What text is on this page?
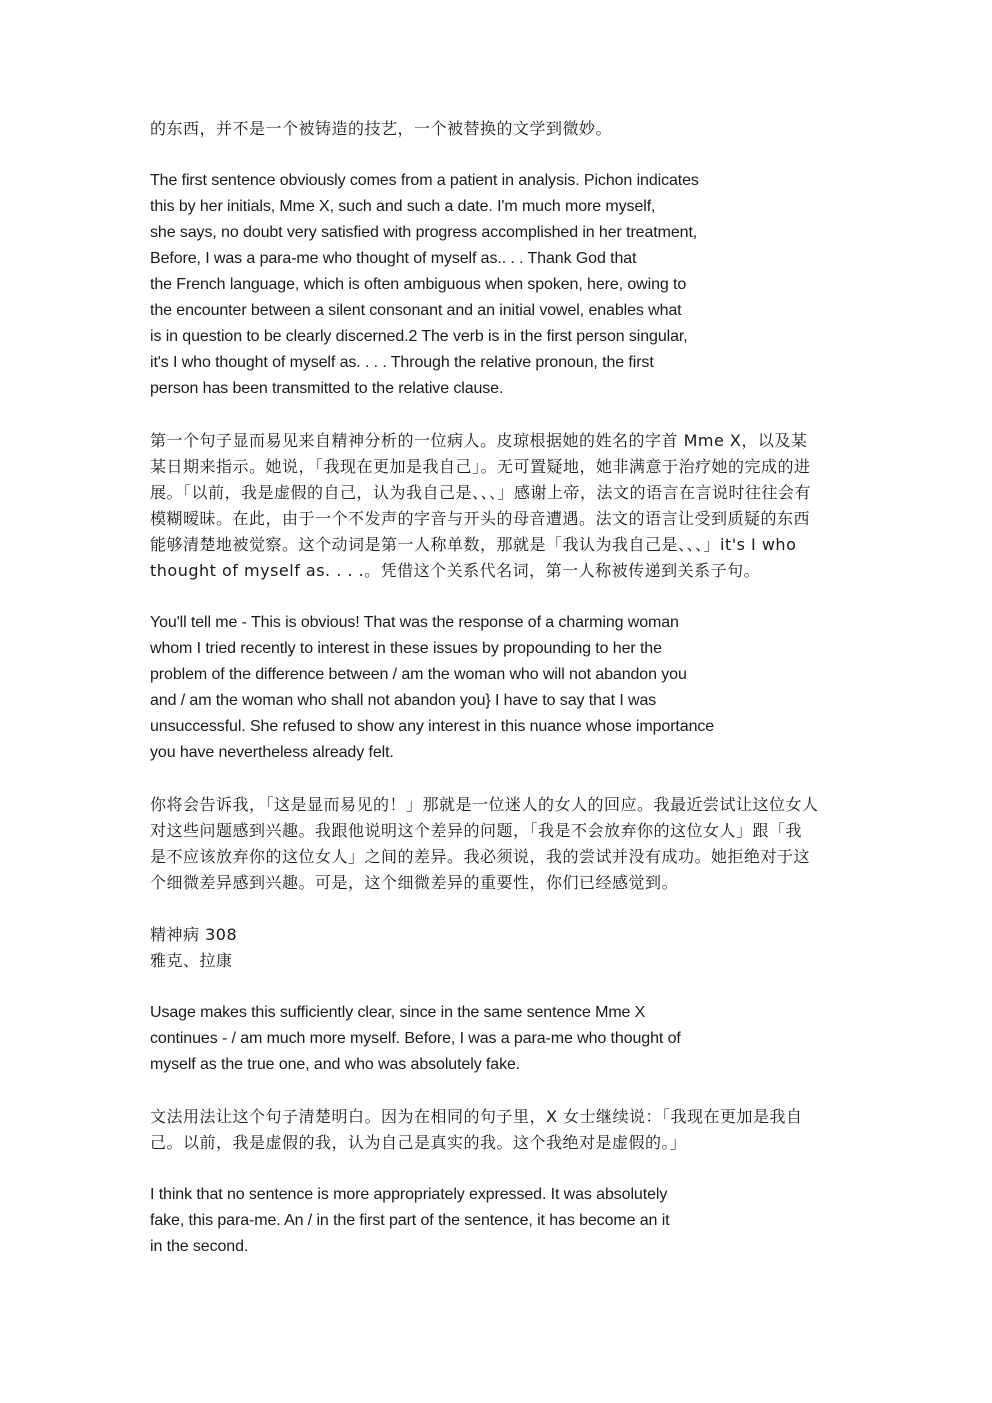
的东西，并不是一个被铸造的技艺，一个被替换的文学到微妙。
The first sentence obviously comes from a patient in analysis. Pichon indicates
this by her initials, Mme X, such and such a date. I'm much more myself,
she says, no doubt very satisfied with progress accomplished in her treatment,
Before, I was a para-me who thought of myself as.. . . Thank God that
the French language, which is often ambiguous when spoken, here, owing to
the encounter between a silent consonant and an initial vowel, enables what
is in question to be clearly discerned.2 The verb is in the first person singular,
it's I who thought of myself as. . . . Through the relative pronoun, the first
person has been transmitted to the relative clause.
第一个句子显而易见来自精神分析的一位病人。皮琼根据她的姓名的字首 Mme X，以及某
某日期来指示。她说，「我现在更加是我自己」。无可置疑地，她非满意于治疗她的完成的进
展。「以前，我是虚假的自己，认为我自己是、、、」感谢上帝，法文的语言在言说时往往会有
模糊暧昧。在此，由于一个不发声的字音与开头的母音遭遇。法文的语言让受到质疑的东西
能够清楚地被觉察。这个动词是第一人称单数，那就是「我认为我自己是、、、」it's I who
thought of myself as. . . .。凭借这个关系代名词，第一人称被传递到关系子句。
You'll tell me - This is obvious! That was the response of a charming woman
whom I tried recently to interest in these issues by propounding to her the
problem of the difference between / am the woman who will not abandon you
and / am the woman who shall not abandon you} I have to say that I was
unsuccessful. She refused to show any interest in this nuance whose importance
you have nevertheless already felt.
你将会告诉我，「这是显而易见的！」那就是一位迷人的女人的回应。我最近尝试让这位女人
对这些问题感到兴趣。我跟他说明这个差异的问题，「我是不会放弃你的这位女人」跟「我
是不应该放弃你的这位女人」之间的差异。我必须说，我的尝试并没有成功。她拒绝对于这
个细微差异感到兴趣。可是，这个细微差异的重要性，你们已经感觉到。
精神病 308
雅克、拉康
Usage makes this sufficiently clear, since in the same sentence Mme X
continues - / am much more myself. Before, I was a para-me who thought of
myself as the true one, and who was absolutely fake.
文法用法让这个句子清楚明白。因为在相同的句子里，X 女士继续说：「我现在更加是我自
己。以前，我是虚假的我，认为自己是真实的我。这个我绝对是虚假的。」
I think that no sentence is more appropriately expressed. It was absolutely
fake, this para-me. An / in the first part of the sentence, it has become an it
in the second.
